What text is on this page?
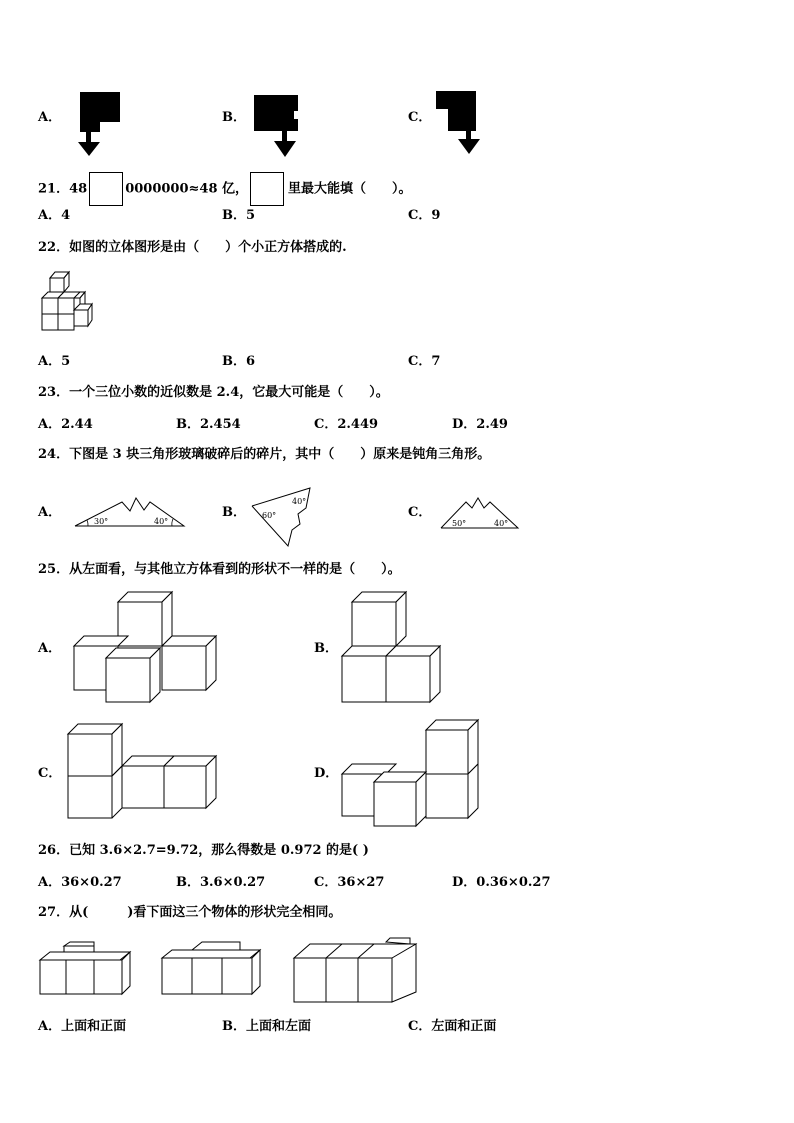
A．	B．	C．
21．48	0000000≈48 亿，	里最大能填（　　）。
A．4	B．5	C．9
22．如图的立体图形是由（　　）个小正方体搭成的.
A．5	B．6	C．7
23．一个三位小数的近似数是 2.4，它最大可能是（　　）。
A．2.44	B．2.454	C．2.449	D．2.49
24．下图是 3 块三角形玻璃破碎后的碎片，其中（　　）原来是钝角三角形。
A．
30°	40°
B． 60°
40°
C．
50°	40°
25．从左面看，与其他立方体看到的形状不一样的是（　　）。
A．	B．
C．	D．
26．已知 3.6×2.7=9.72，那么得数是 0.972 的是( )
A．36×0.27	B．3.6×0.27	C．36×27	D．0.36×0.27
27．从(　　　)看下面这三个物体的形状完全相同。
A．上面和正面	B．上面和左面	C．左面和正面
